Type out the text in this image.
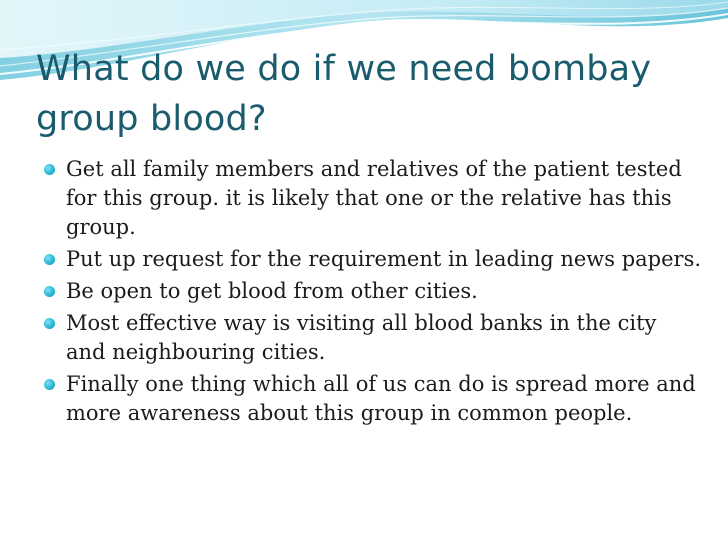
What do we do if we need bombay group blood?
Get all family members and relatives of the patient tested for this group. it is likely that one or the relative has this group.
Put up request for the requirement in leading news papers.
Be open to get blood from other cities.
Most effective way is visiting all blood banks in the city and neighbouring cities.
Finally one thing which all of us can do is spread more and more awareness about this group in common people.
